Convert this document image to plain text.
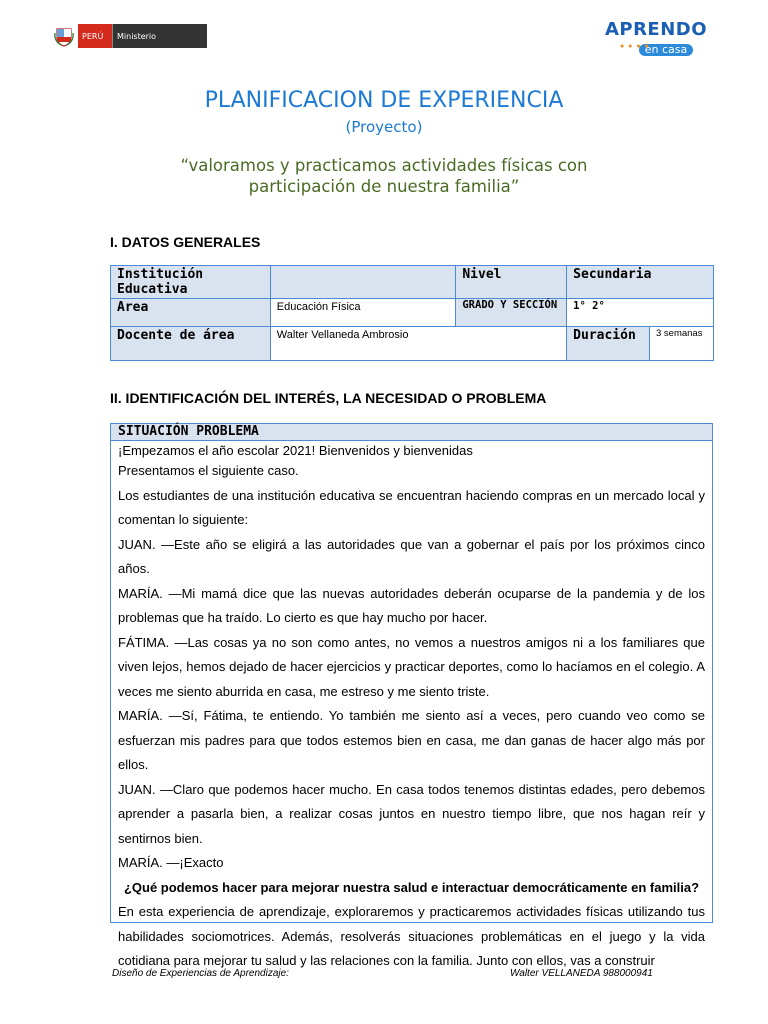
PERÚ	Ministerio	APRENDO
● ● ● ●
en casa
PLANIFICACION DE EXPERIENCIA
(Proyecto)
“valoramos y practicamos actividades físicas con
participación de nuestra familia”
I. DATOS GENERALES
Institución Educativa		Nivel	Secundaria	
Area	Educación Física	GRADO Y SECCIÓN	1° 2°	
Docente de área	Walter Vellaneda Ambrosio		Duración	3 semanas
II. IDENTIFICACIÓN DEL INTERÉS, LA NECESIDAD O PROBLEMA
SITUACIÓN PROBLEMA

¡Empezamos el año escolar 2021! Bienvenidos y bienvenidas

Presentamos el siguiente caso.

Los estudiantes de una institución educativa se encuentran haciendo compras en un mercado local y comentan lo siguiente:

JUAN. —Este año se eligirá a las autoridades que van a gobernar el país por los próximos cinco años.

MARÍA. —Mi mamá dice que las nuevas autoridades deberán ocuparse de la pandemia y de los problemas que ha traído. Lo cierto es que hay mucho por hacer.

FÁTIMA. —Las cosas ya no son como antes, no vemos a nuestros amigos ni a los familiares que viven lejos, hemos dejado de hacer ejercicios y practicar deportes, como lo hacíamos en el colegio. A veces me siento aburrida en casa, me estreso y me siento triste.

MARÍA. —Sí, Fátima, te entiendo. Yo también me siento así a veces, pero cuando veo como se esfuerzan mis padres para que todos estemos bien en casa, me dan ganas de hacer algo más por ellos.

JUAN. —Claro que podemos hacer mucho. En casa todos tenemos distintas edades, pero debemos aprender a pasarla bien, a realizar cosas juntos en nuestro tiempo libre, que nos hagan reír y sentirnos bien.

MARÍA. —¡Exacto

¿Qué podemos hacer para mejorar nuestra salud e interactuar democráticamente en familia?

En esta experiencia de aprendizaje, exploraremos y practicaremos actividades físicas utilizando tus habilidades sociomotrices. Además, resolverás situaciones problemáticas en el juego y la vida cotidiana para mejorar tu salud y las relaciones con la familia. Junto con ellos, vas a construir

Diseño de Experiencias de Aprendizaje:	Walter VELLANEDA 988000941
